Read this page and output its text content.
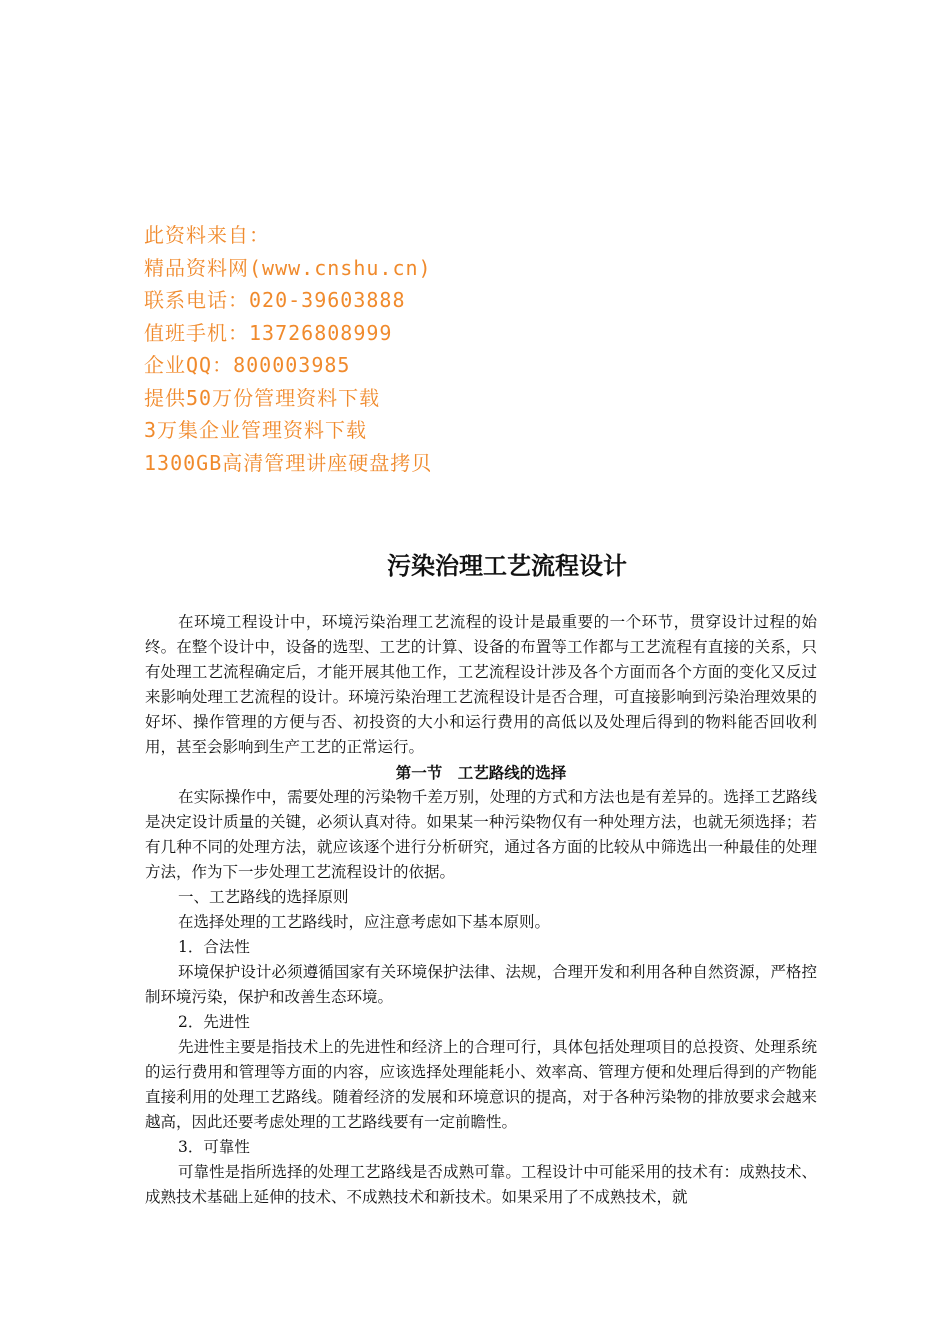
此资料来自：
精品资料网(www.cnshu.cn)
联系电话：020-39603888
值班手机：13726808999
企业QQ：800003985
提供50万份管理资料下载
3万集企业管理资料下载
1300GB高清管理讲座硬盘拷贝
污染治理工艺流程设计

在环境工程设计中，环境污染治理工艺流程的设计是最重要的一个环节，贯穿设计过程的始终。在整个设计中，设备的选型、工艺的计算、设备的布置等工作都与工艺流程有直接的关系，只有处理工艺流程确定后，才能开展其他工作，工艺流程设计涉及各个方面而各个方面的变化又反过来影响处理工艺流程的设计。环境污染治理工艺流程设计是否合理，可直接影响到污染治理效果的好坏、操作管理的方便与否、初投资的大小和运行费用的高低以及处理后得到的物料能否回收利用，甚至会影响到生产工艺的正常运行。

第一节　工艺路线的选择

在实际操作中，需要处理的污染物千差万别，处理的方式和方法也是有差异的。选择工艺路线是决定设计质量的关键，必须认真对待。如果某一种污染物仅有一种处理方法，也就无须选择；若有几种不同的处理方法，就应该逐个进行分析研究，通过各方面的比较从中筛选出一种最佳的处理方法，作为下一步处理工艺流程设计的依据。

一、工艺路线的选择原则

在选择处理的工艺路线时，应注意考虑如下基本原则。

1．合法性

环境保护设计必须遵循国家有关环境保护法律、法规，合理开发和利用各种自然资源，严格控制环境污染，保护和改善生态环境。

2．先进性

先进性主要是指技术上的先进性和经济上的合理可行，具体包括处理项目的总投资、处理系统的运行费用和管理等方面的内容，应该选择处理能耗小、效率高、管理方便和处理后得到的产物能直接利用的处理工艺路线。随着经济的发展和环境意识的提高，对于各种污染物的排放要求会越来越高，因此还要考虑处理的工艺路线要有一定前瞻性。

3．可靠性

可靠性是指所选择的处理工艺路线是否成熟可靠。工程设计中可能采用的技术有：成熟技术、成熟技术基础上延伸的技术、不成熟技术和新技术。如果采用了不成熟技术，就
